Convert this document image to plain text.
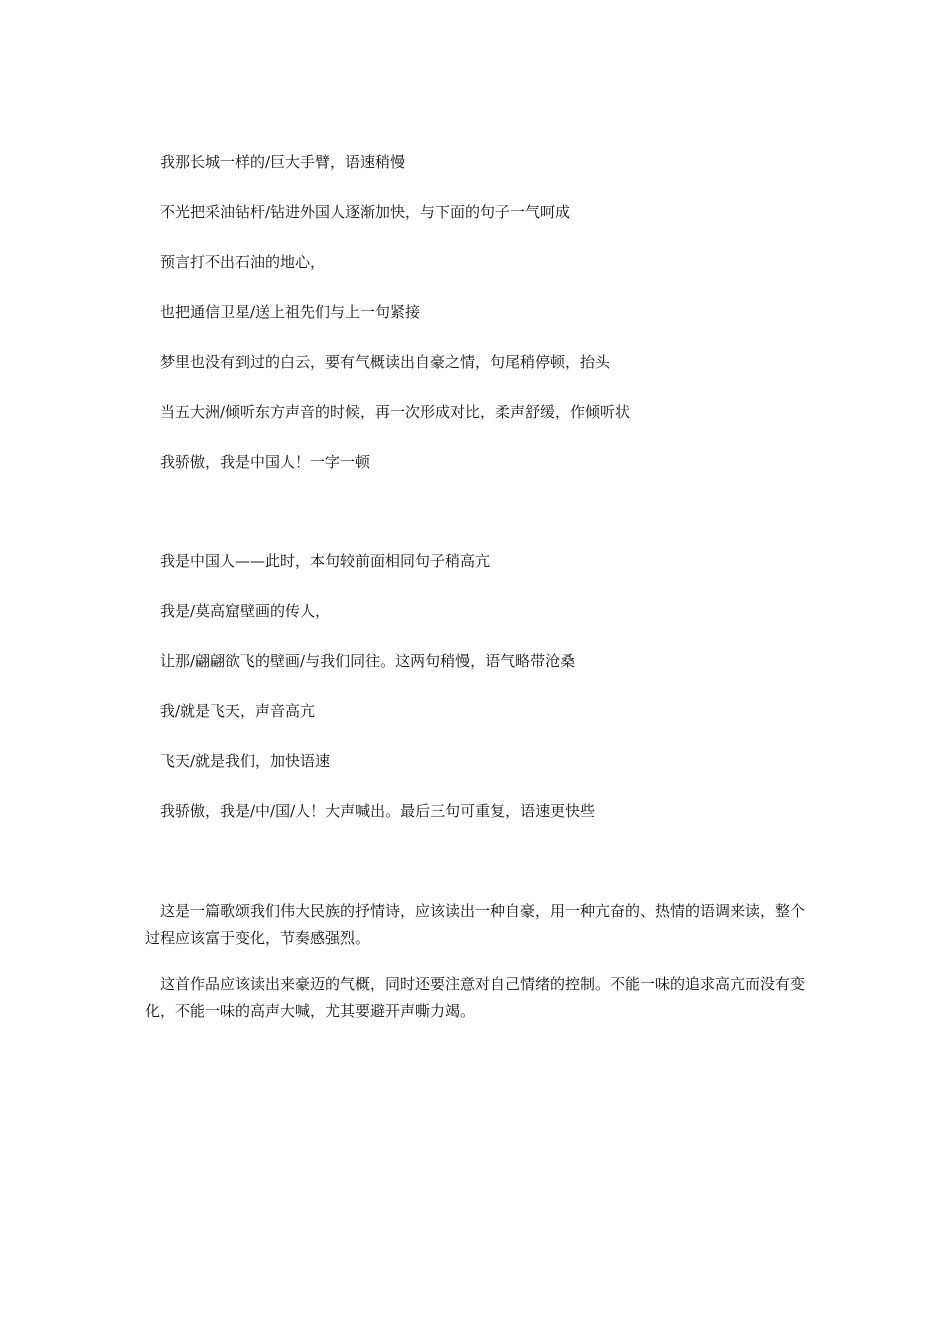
我那长城一样的/巨大手臂，语速稍慢

不光把采油钻杆/钻进外国人逐渐加快，与下面的句子一气呵成

预言打不出石油的地心，

也把通信卫星/送上祖先们与上一句紧接

梦里也没有到过的白云，要有气概读出自豪之情，句尾稍停顿，抬头

当五大洲/倾听东方声音的时候，再一次形成对比，柔声舒缓，作倾听状

我骄傲，我是中国人！一字一顿

我是中国人——此时，本句较前面相同句子稍高亢

我是/莫高窟壁画的传人，

让那/翩翩欲飞的壁画/与我们同往。这两句稍慢，语气略带沧桑

我/就是飞天，声音高亢

飞天/就是我们，加快语速

我骄傲，我是/中/国/人！大声喊出。最后三句可重复，语速更快些

这是一篇歌颂我们伟大民族的抒情诗，应该读出一种自豪，用一种亢奋的、热情的语调来读，整个过程应该富于变化，节奏感强烈。

这首作品应该读出来豪迈的气概，同时还要注意对自己情绪的控制。不能一味的追求高亢而没有变化，不能一味的高声大喊，尤其要避开声嘶力竭。
